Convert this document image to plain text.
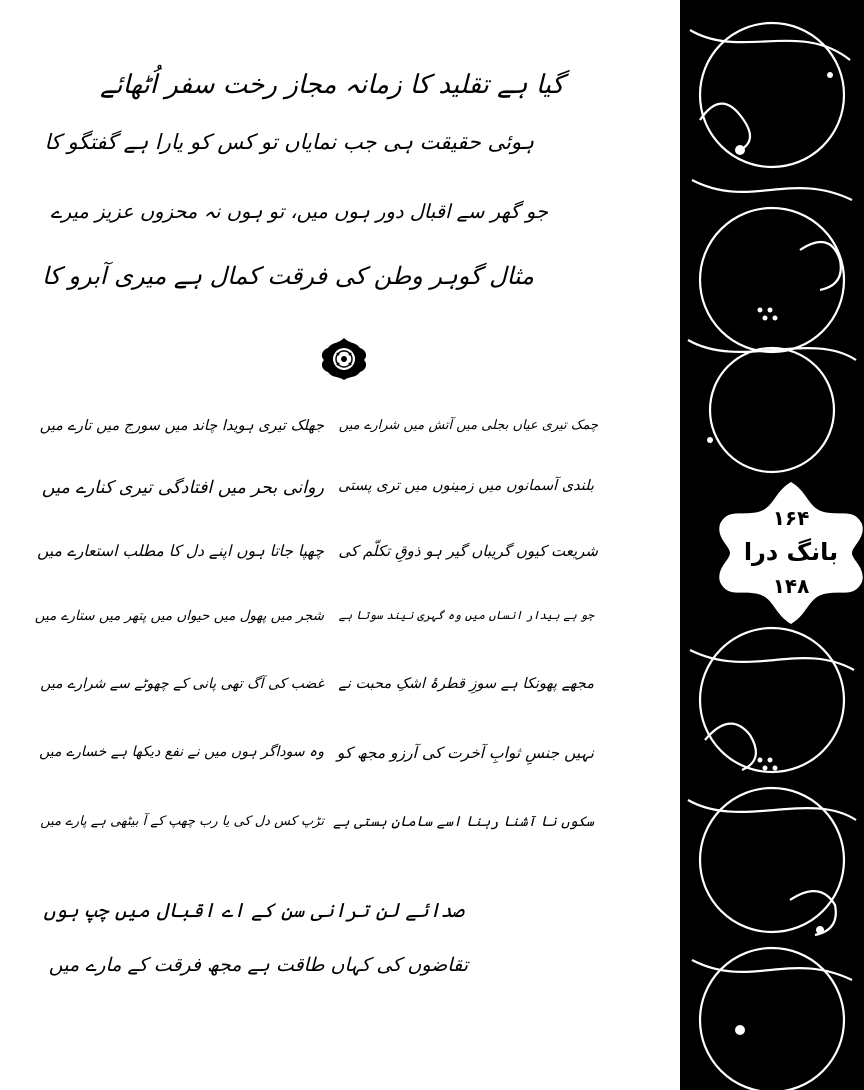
گیا ہے تقلید کا زمانہ مجاز رخت سفر اُٹھائے
ہوئی حقیقت ہی جب نمایاں تو کس کو یارا ہے گفتگو کا
جو گھر سے اقبال دور ہوں میں، تو ہوں نہ محزوں عزیز میرے
مثال گوہر وطن کی فرقت کمال ہے میری آبرو کا
چمک تیری عیاں بجلی میں آتش میں شرارے میں
جھلک تیری ہویدا چاند میں سورج میں تارے میں
بلندی آسمانوں میں زمینوں میں تری پستی
روانی بحر میں افتادگی تیری کنارے میں
شریعت کیوں گریباں گیر ہو ذوقِ تکلّم کی
چھپا جاتا ہوں اپنے دل کا مطلب استعارے میں
جو ہے بیدار انساں میں وہ گہری نیند سوتا ہے
شجر میں پھول میں حیواں میں پتھر میں ستارے میں
مجھے پھونکا ہے سوزِ قطرۂ اشکِ محبت نے
غضب کی آگ تھی پانی کے چھوٹے سے شرارے میں
نہیں جنسِ ثوابِ آخرت کی آرزو مجھ کو
وہ سوداگر ہوں میں نے نفع دیکھا ہے خسارے میں
سکوں نا آشنا رہنا اسے سامانِ ہستی ہے
تڑپ کس دل کی یا رب چھپ کے آ بیٹھی ہے پارے میں
صدائے لن ترانی سن کے اے اقبال میں چپ ہوں
تقاضوں کی کہاں طاقت ہے مجھ فرقت کے مارے میں
۱۶۴
بانگ درا
۱۴۸
